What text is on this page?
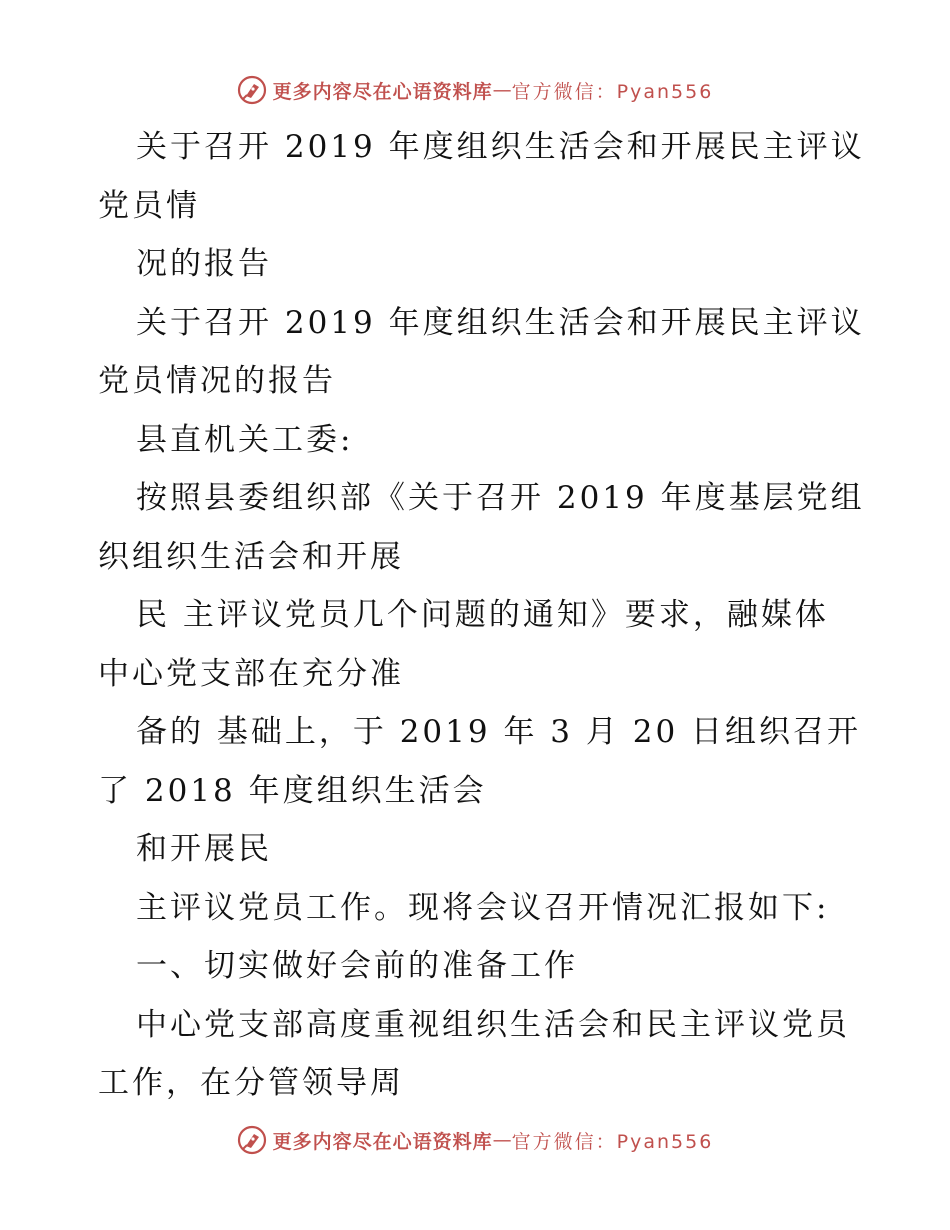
更多内容尽在心语资料库 — 官方微信：Pyan556
关于召开 2019 年度组织生活会和开展民主评议
党员情
况的报告
关于召开 2019 年度组织生活会和开展民主评议
党员情况的报告
县直机关工委:
按照县委组织部《关于召开 2019 年度基层党组
织组织生活会和开展
民 主评议党员几个问题的通知》要求，融媒体
中心党支部在充分准
备的 基础上，于 2019 年 3 月 20 日组织召开
了 2018 年度组织生活会
和开展民
主评议党员工作。现将会议召开情况汇报如下:
一、切实做好会前的准备工作
中心党支部高度重视组织生活会和民主评议党员
工作，在分管领导周
更多内容尽在心语资料库 — 官方微信：Pyan556
